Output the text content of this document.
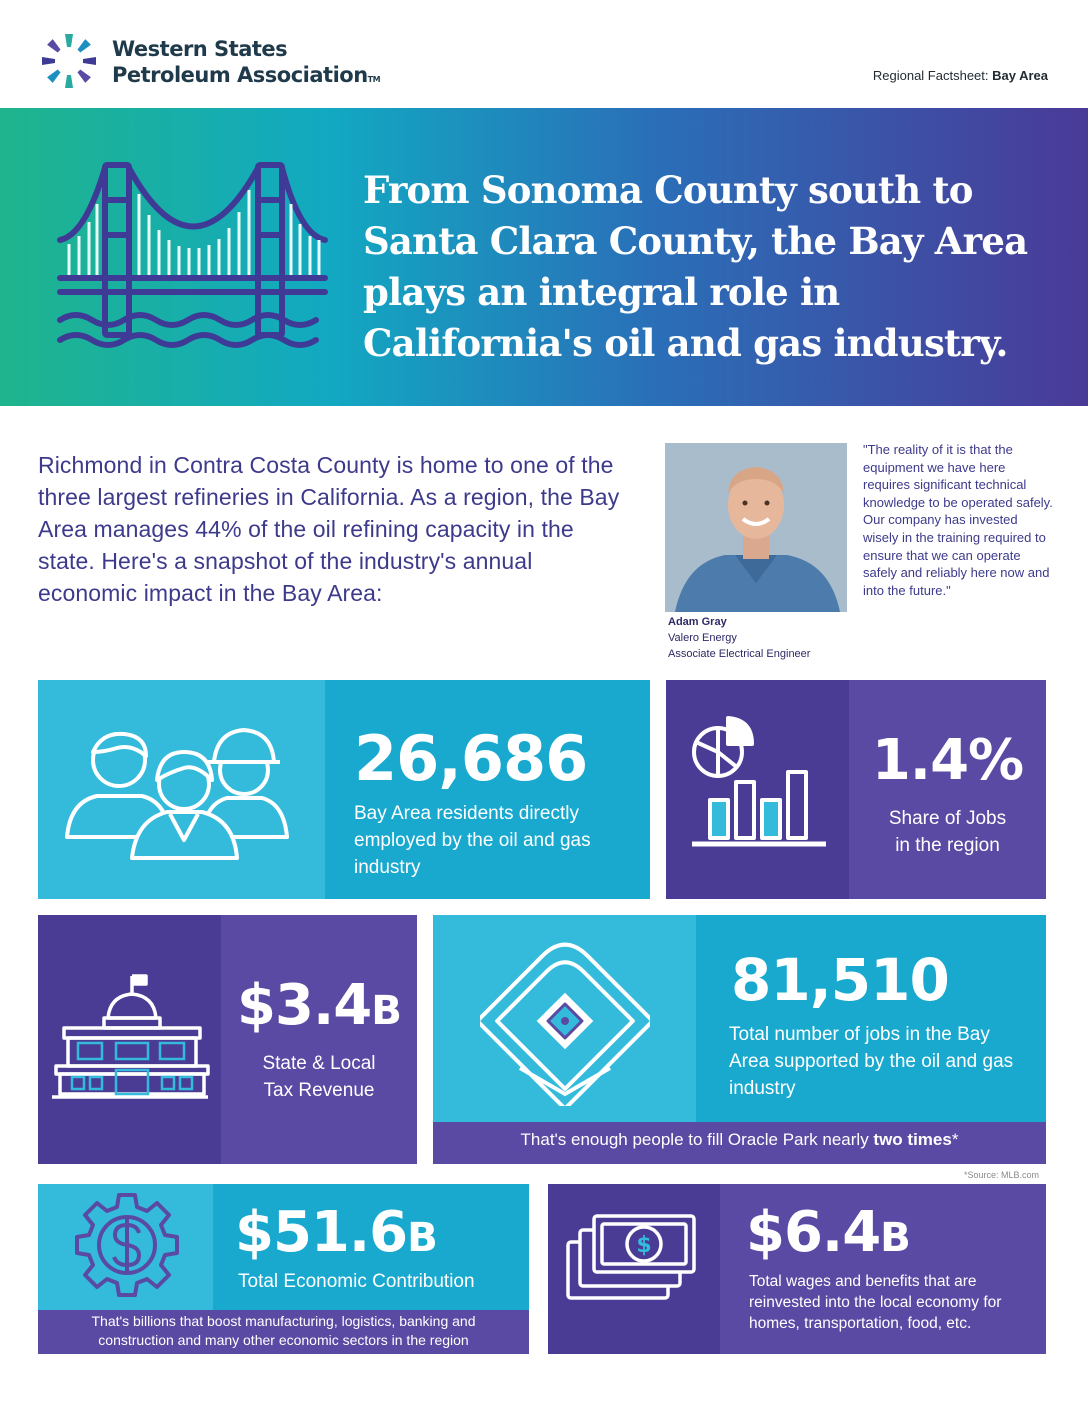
Western States
Petroleum AssociationTM	Regional Factsheet: Bay Area
From Sonoma County south to Santa Clara County, the Bay Area plays an integral role in California's oil and gas industry.
Richmond in Contra Costa County is home to one of the three largest refineries in California. As a region, the Bay Area manages 44% of the oil refining capacity in the state. Here's a snapshot of the industry's annual economic impact in the Bay Area:
Adam Gray
Valero Energy
Associate Electrical Engineer
"The reality of it is that the equipment we have here requires significant technical knowledge to be operated safely. Our company has invested wisely in the training required to ensure that we can operate safely and reliably here now and into the future."
26,686
Bay Area residents directly employed by the oil and gas industry
1.4%
Share of Jobs
in the region
$3.4B
State & Local
Tax Revenue
81,510
Total number of jobs in the Bay Area supported by the oil and gas industry
That's enough people to fill Oracle Park nearly two times*
*Source: MLB.com
$51.6B
Total Economic Contribution
That's billions that boost manufacturing, logistics, banking and
construction and many other economic sectors in the region
$ $6.4B
Total wages and benefits that are reinvested into the local economy for homes, transportation, food, etc.
